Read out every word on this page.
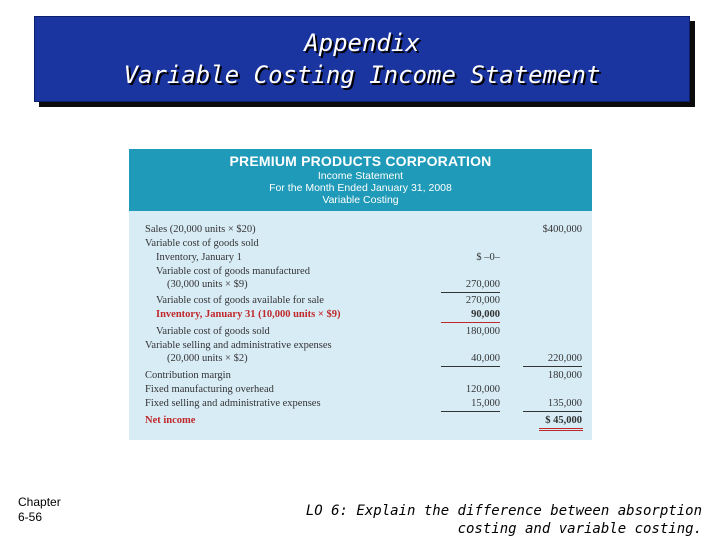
Appendix
Variable Costing Income Statement
PREMIUM PRODUCTS CORPORATION
Income Statement
For the Month Ended January 31, 2008
Variable Costing
Sales (20,000 units × $20)	$400,000
Variable cost of goods sold
Inventory, January 1	$ –0–
Variable cost of goods manufactured
(30,000 units × $9)	270,000
Variable cost of goods available for sale	270,000
Inventory, January 31 (10,000 units × $9)	90,000
Variable cost of goods sold	180,000
Variable selling and administrative expenses
(20,000 units × $2)	40,000	220,000
Contribution margin	180,000
Fixed manufacturing overhead	120,000
Fixed selling and administrative expenses	15,000	135,000
Net income	$ 45,000
Chapter
6-56	LO 6: Explain the difference between absorption costing and variable costing.
